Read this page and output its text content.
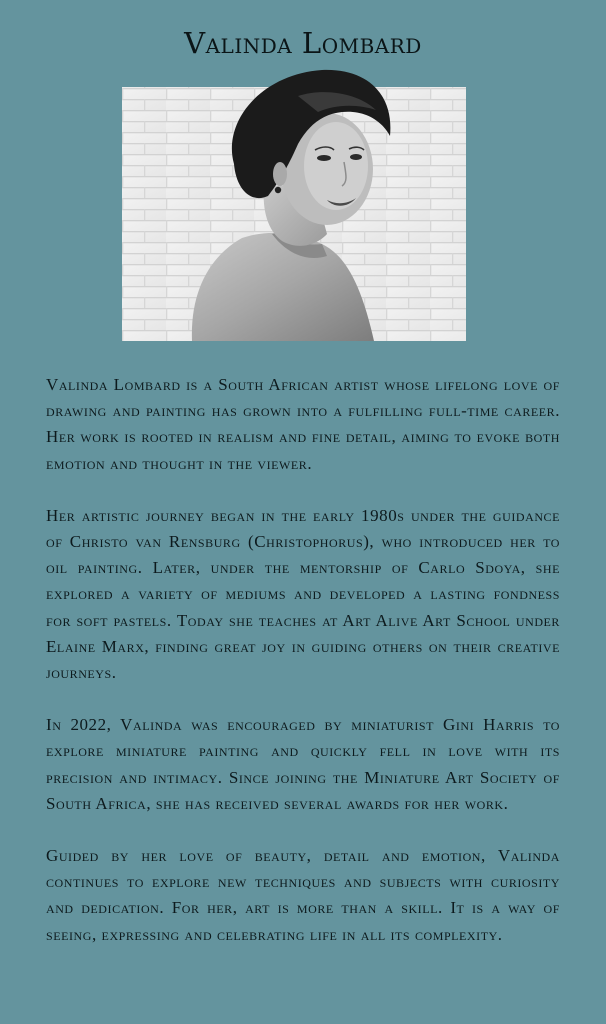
Valinda Lombard

Valinda Lombard is a South African artist whose lifelong love of drawing and painting has grown into a fulfilling full-time career. Her work is rooted in realism and fine detail, aiming to evoke both emotion and thought in the viewer.

Her artistic journey began in the early 1980s under the guidance of Christo van Rensburg (Christophorus), who introduced her to oil painting. Later, under the mentorship of Carlo Sdoya, she explored a variety of mediums and developed a lasting fondness for soft pastels. Today she teaches at Art Alive Art School under Elaine Marx, finding great joy in guiding others on their creative journeys.

In 2022, Valinda was encouraged by miniaturist Gini Harris to explore miniature painting and quickly fell in love with its precision and intimacy. Since joining the Miniature Art Society of South Africa, she has received several awards for her work.

Guided by her love of beauty, detail and emotion, Valinda continues to explore new techniques and subjects with curiosity and dedication. For her, art is more than a skill. It is a way of seeing, expressing and celebrating life in all its complexity.
